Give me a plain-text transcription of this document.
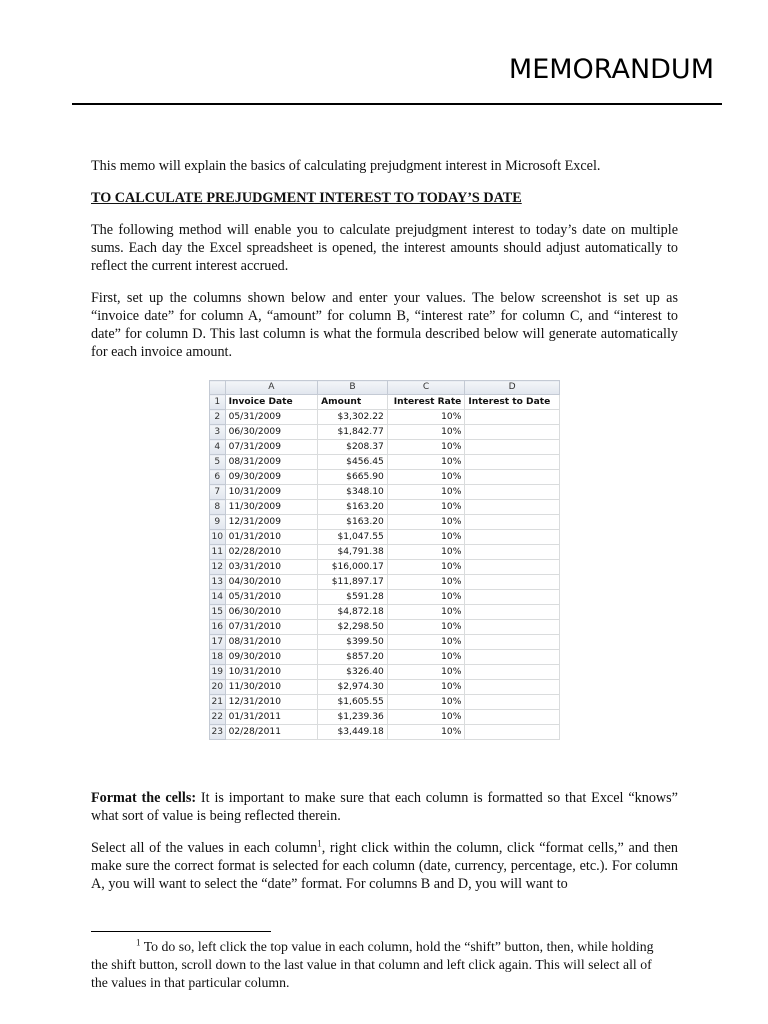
MEMORANDUM

This memo will explain the basics of calculating prejudgment interest in Microsoft Excel.

TO CALCULATE PREJUDGMENT INTEREST TO TODAY’S DATE

The following method will enable you to calculate prejudgment interest to today’s date on multiple sums. Each day the Excel spreadsheet is opened, the interest amounts should adjust automatically to reflect the current interest accrued.

First, set up the columns shown below and enter your values. The below screenshot is set up as “invoice date” for column A, “amount” for column B, “interest rate” for column C, and “interest to date” for column D. This last column is what the formula described below will generate automatically for each invoice amount.

	A	B	C	D
1	Invoice Date	Amount	Interest Rate	Interest to Date
2	05/31/2009	$3,302.22	10%	
3	06/30/2009	$1,842.77	10%	
4	07/31/2009	$208.37	10%	
5	08/31/2009	$456.45	10%	
6	09/30/2009	$665.90	10%	
7	10/31/2009	$348.10	10%	
8	11/30/2009	$163.20	10%	
9	12/31/2009	$163.20	10%	
10	01/31/2010	$1,047.55	10%	
11	02/28/2010	$4,791.38	10%	
12	03/31/2010	$16,000.17	10%	
13	04/30/2010	$11,897.17	10%	
14	05/31/2010	$591.28	10%	
15	06/30/2010	$4,872.18	10%	
16	07/31/2010	$2,298.50	10%	
17	08/31/2010	$399.50	10%	
18	09/30/2010	$857.20	10%	
19	10/31/2010	$326.40	10%	
20	11/30/2010	$2,974.30	10%	
21	12/31/2010	$1,605.55	10%	
22	01/31/2011	$1,239.36	10%	
23	02/28/2011	$3,449.18	10%	

Format the cells: It is important to make sure that each column is formatted so that Excel “knows” what sort of value is being reflected therein.

Select all of the values in each column$^1$, right click within the column, click “format cells,” and then make sure the correct format is selected for each column (date, currency, percentage, etc.). For column A, you will want to select the “date” format. For columns B and D, you will want to

$^1$ To do so, left click the top value in each column, hold the “shift” button, then, while holding the shift button, scroll down to the last value in that column and left click again. This will select all of the values in that particular column.
